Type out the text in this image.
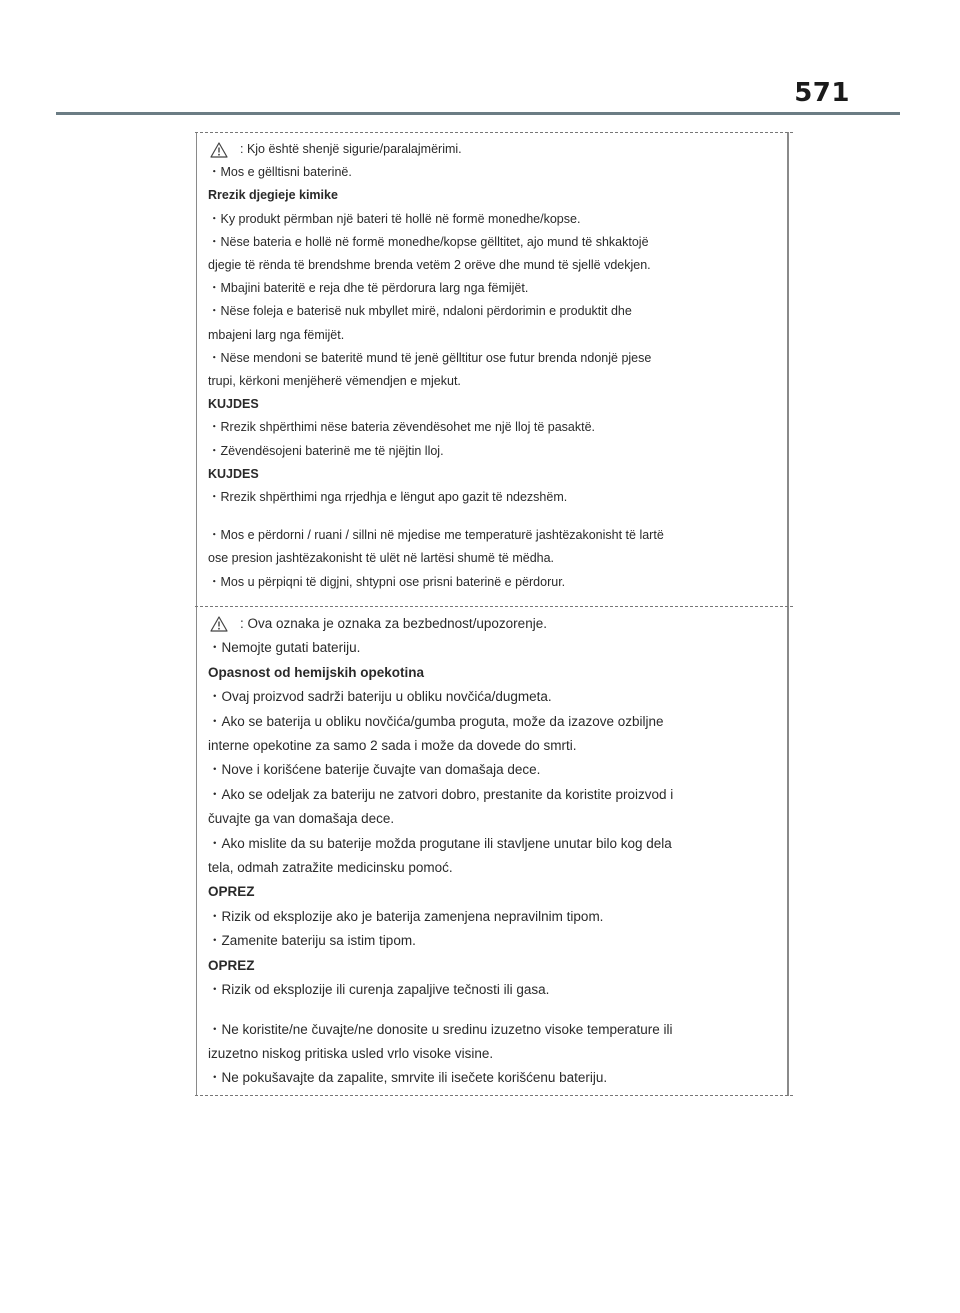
571

: Kjo është shenjë sigurie/paralajmërimi.

・Mos e gëlltisni baterinë.

Rrezik djegieje kimike

・Ky produkt përmban një bateri të hollë në formë monedhe/kopse.

・Nëse bateria e hollë në formë monedhe/kopse gëlltitet, ajo mund të shkaktojë

djegie të rënda të brendshme brenda vetëm 2 orëve dhe mund të sjellë vdekjen.

・Mbajini bateritë e reja dhe të përdorura larg nga fëmijët.

・Nëse foleja e baterisë nuk mbyllet mirë, ndaloni përdorimin e produktit dhe

mbajeni larg nga fëmijët.

・Nëse mendoni se bateritë mund të jenë gëlltitur ose futur brenda ndonjë pjese

trupi, kërkoni menjëherë vëmendjen e mjekut.

KUJDES

・Rrezik shpërthimi nëse bateria zëvendësohet me një lloj të pasaktë.

・Zëvendësojeni baterinë me të njëjtin lloj.

KUJDES

・Rrezik shpërthimi nga rrjedhja e lëngut apo gazit të ndezshëm.

・Mos e përdorni / ruani / sillni në mjedise me temperaturë jashtëzakonisht të lartë

ose presion jashtëzakonisht të ulët në lartësi shumë të mëdha.

・Mos u përpiqni të digjni, shtypni ose prisni baterinë e përdorur.

: Ova oznaka je oznaka za bezbednost/upozorenje.

・Nemojte gutati bateriju.

Opasnost od hemijskih opekotina

・Ovaj proizvod sadrži bateriju u obliku novčića/dugmeta.

・Ako se baterija u obliku novčića/gumba proguta, može da izazove ozbiljne

interne opekotine za samo 2 sada i može da dovede do smrti.

・Nove i korišćene baterije čuvajte van domašaja dece.

・Ako se odeljak za bateriju ne zatvori dobro, prestanite da koristite proizvod i

čuvajte ga van domašaja dece.

・Ako mislite da su baterije možda progutane ili stavljene unutar bilo kog dela

tela, odmah zatražite medicinsku pomoć.

OPREZ

・Rizik od eksplozije ako je baterija zamenjena nepravilnim tipom.

・Zamenite bateriju sa istim tipom.

OPREZ

・Rizik od eksplozije ili curenja zapaljive tečnosti ili gasa.

・Ne koristite/ne čuvajte/ne donosite u sredinu izuzetno visoke temperature ili

izuzetno niskog pritiska usled vrlo visoke visine.

・Ne pokušavajte da zapalite, smrvite ili isečete korišćenu bateriju.
